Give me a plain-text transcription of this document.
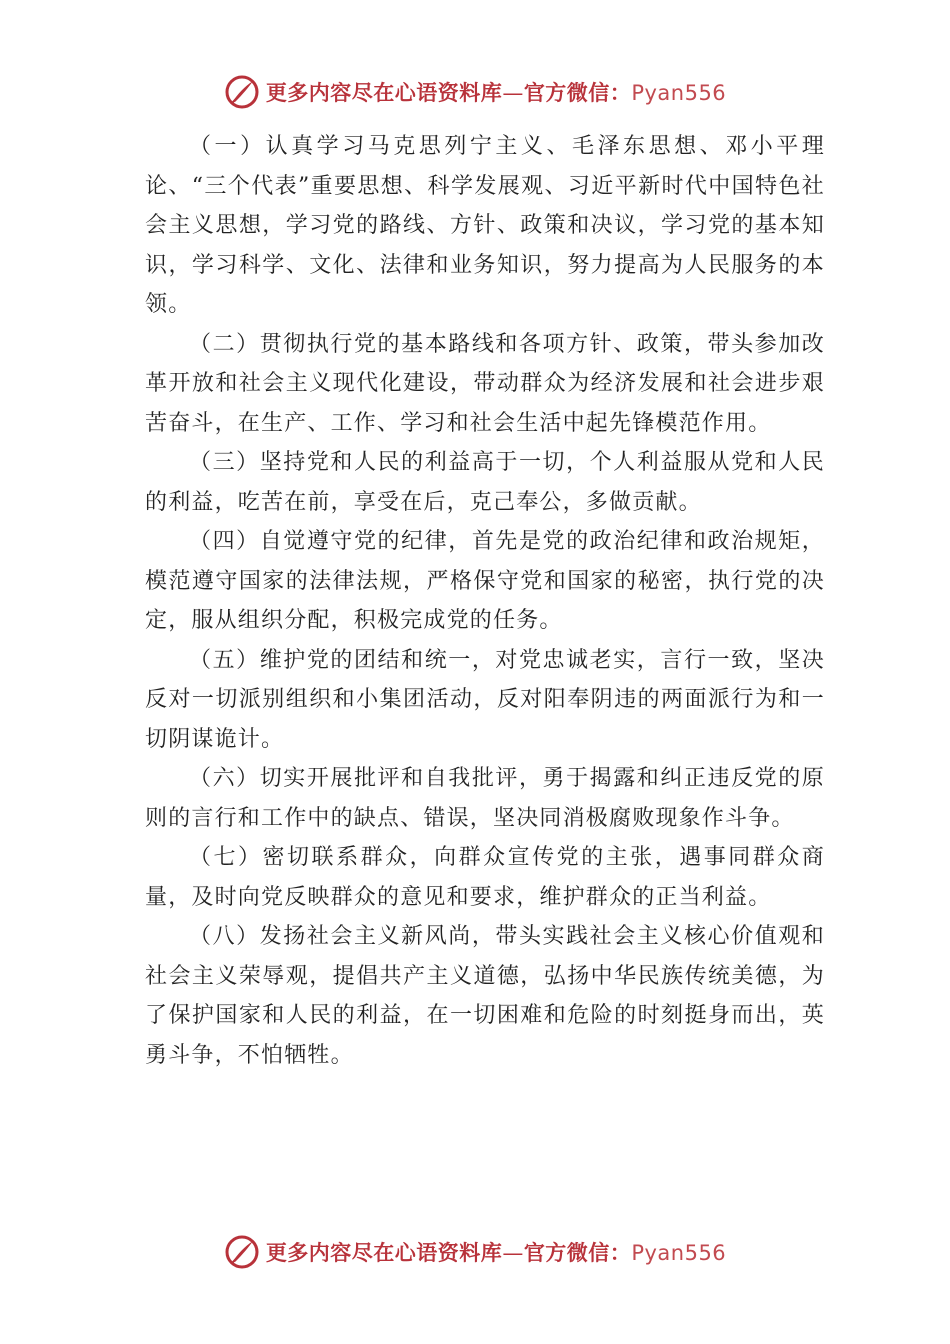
更多内容尽在心语资料库—官方微信：Pyan556

（一）认真学习马克思列宁主义、毛泽东思想、邓小平理论、“三个代表”重要思想、科学发展观、习近平新时代中国特色社会主义思想，学习党的路线、方针、政策和决议，学习党的基本知识，学习科学、文化、法律和业务知识，努力提高为人民服务的本领。

（二）贯彻执行党的基本路线和各项方针、政策，带头参加改革开放和社会主义现代化建设，带动群众为经济发展和社会进步艰苦奋斗，在生产、工作、学习和社会生活中起先锋模范作用。

（三）坚持党和人民的利益高于一切，个人利益服从党和人民的利益，吃苦在前，享受在后，克己奉公，多做贡献。

（四）自觉遵守党的纪律，首先是党的政治纪律和政治规矩，模范遵守国家的法律法规，严格保守党和国家的秘密，执行党的决定，服从组织分配，积极完成党的任务。

（五）维护党的团结和统一，对党忠诚老实，言行一致，坚决反对一切派别组织和小集团活动，反对阳奉阴违的两面派行为和一切阴谋诡计。

（六）切实开展批评和自我批评，勇于揭露和纠正违反党的原则的言行和工作中的缺点、错误，坚决同消极腐败现象作斗争。

（七）密切联系群众，向群众宣传党的主张，遇事同群众商量，及时向党反映群众的意见和要求，维护群众的正当利益。

（八）发扬社会主义新风尚，带头实践社会主义核心价值观和社会主义荣辱观，提倡共产主义道德，弘扬中华民族传统美德，为了保护国家和人民的利益，在一切困难和危险的时刻挺身而出，英勇斗争，不怕牺牲。

更多内容尽在心语资料库—官方微信：Pyan556
